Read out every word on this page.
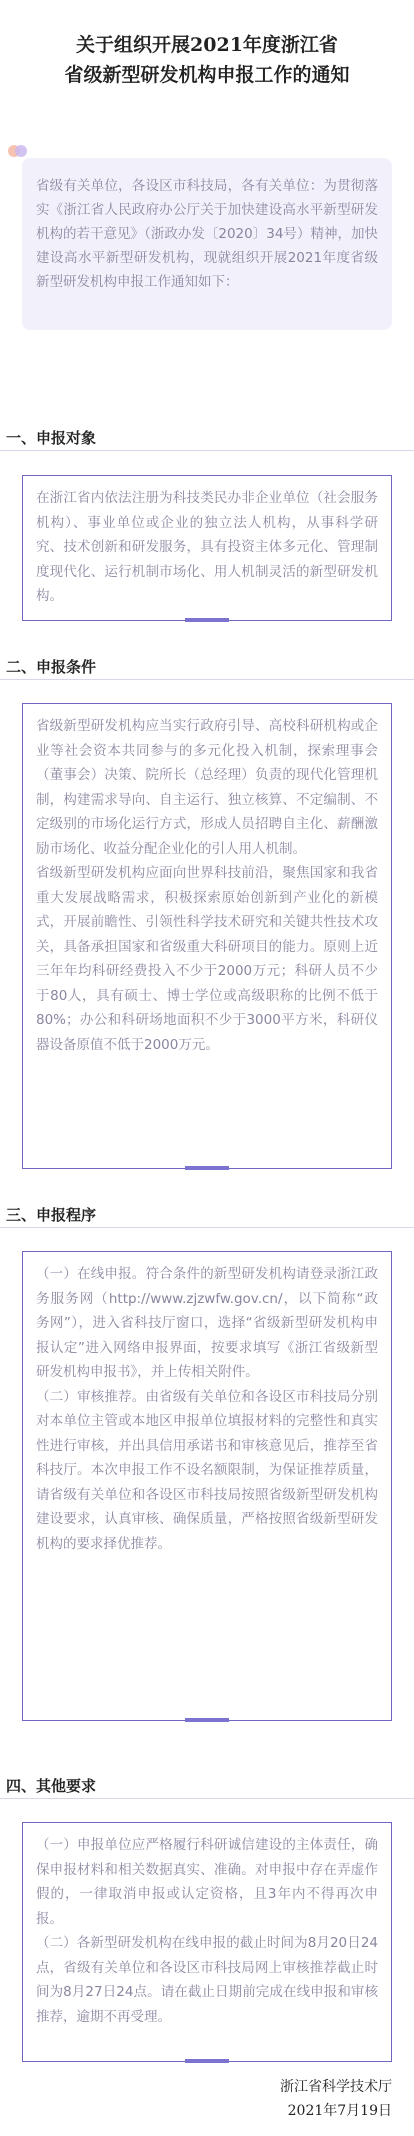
关于组织开展2021年度浙江省
省级新型研发机构申报工作的通知

省级有关单位，各设区市科技局，各有关单位：为贯彻落实《浙江省人民政府办公厅关于加快建设高水平新型研发机构的若干意见》（浙政办发〔2020〕34号）精神，加快建设高水平新型研发机构，现就组织开展2021年度省级新型研发机构申报工作通知如下：

一、申报对象

在浙江省内依法注册为科技类民办非企业单位（社会服务机构）、事业单位或企业的独立法人机构，从事科学研究、技术创新和研发服务，具有投资主体多元化、管理制度现代化、运行机制市场化、用人机制灵活的新型研发机构。

二、申报条件

省级新型研发机构应当实行政府引导、高校科研机构或企业等社会资本共同参与的多元化投入机制，探索理事会（董事会）决策、院所长（总经理）负责的现代化管理机制，构建需求导向、自主运行、独立核算、不定编制、不定级别的市场化运行方式，形成人员招聘自主化、薪酬激励市场化、收益分配企业化的引人用人机制。

省级新型研发机构应面向世界科技前沿，聚焦国家和我省重大发展战略需求，积极探索原始创新到产业化的新模式，开展前瞻性、引领性科学技术研究和关键共性技术攻关，具备承担国家和省级重大科研项目的能力。原则上近三年年均科研经费投入不少于2000万元；科研人员不少于80人，具有硕士、博士学位或高级职称的比例不低于80%；办公和科研场地面积不少于3000平方米，科研仪器设备原值不低于2000万元。

三、申报程序

（一）在线申报。符合条件的新型研发机构请登录浙江政务服务网（http://www.zjzwfw.gov.cn/，以下简称“政务网”），进入省科技厅窗口，选择“省级新型研发机构申报认定”进入网络申报界面，按要求填写《浙江省级新型研发机构申报书》，并上传相关附件。

（二）审核推荐。由省级有关单位和各设区市科技局分别对本单位主管或本地区申报单位填报材料的完整性和真实性进行审核，并出具信用承诺书和审核意见后，推荐至省科技厅。本次申报工作不设名额限制，为保证推荐质量，请省级有关单位和各设区市科技局按照省级新型研发机构建设要求，认真审核、确保质量，严格按照省级新型研发机构的要求择优推荐。

四、其他要求

（一）申报单位应严格履行科研诚信建设的主体责任，确保申报材料和相关数据真实、准确。对申报中存在弄虚作假的，一律取消申报或认定资格，且3年内不得再次申报。

（二）各新型研发机构在线申报的截止时间为8月20日24点，省级有关单位和各设区市科技局网上审核推荐截止时间为8月27日24点。请在截止日期前完成在线申报和审核推荐，逾期不再受理。

浙江省科学技术厅
2021年7月19日
